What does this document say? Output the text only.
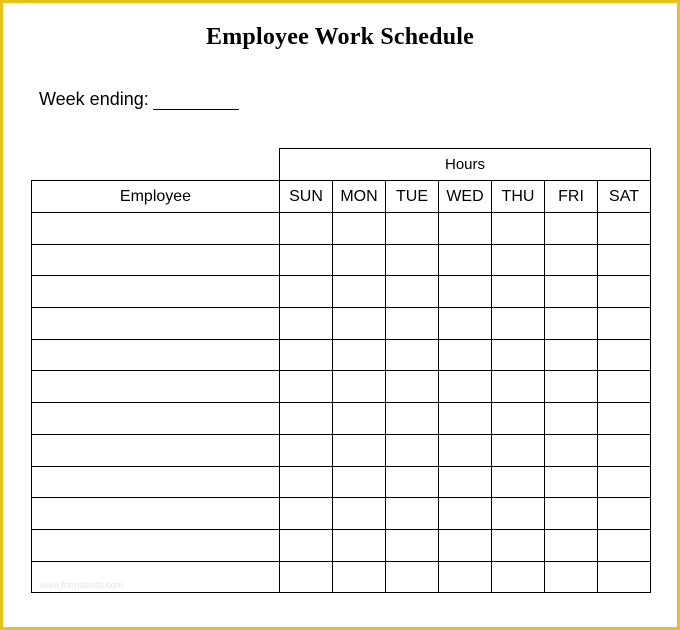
Employee Work Schedule
Week ending:
	Hours						
Employee	SUN	MON	TUE	WED	THU	FRI	SAT

www.formsbirds.com
